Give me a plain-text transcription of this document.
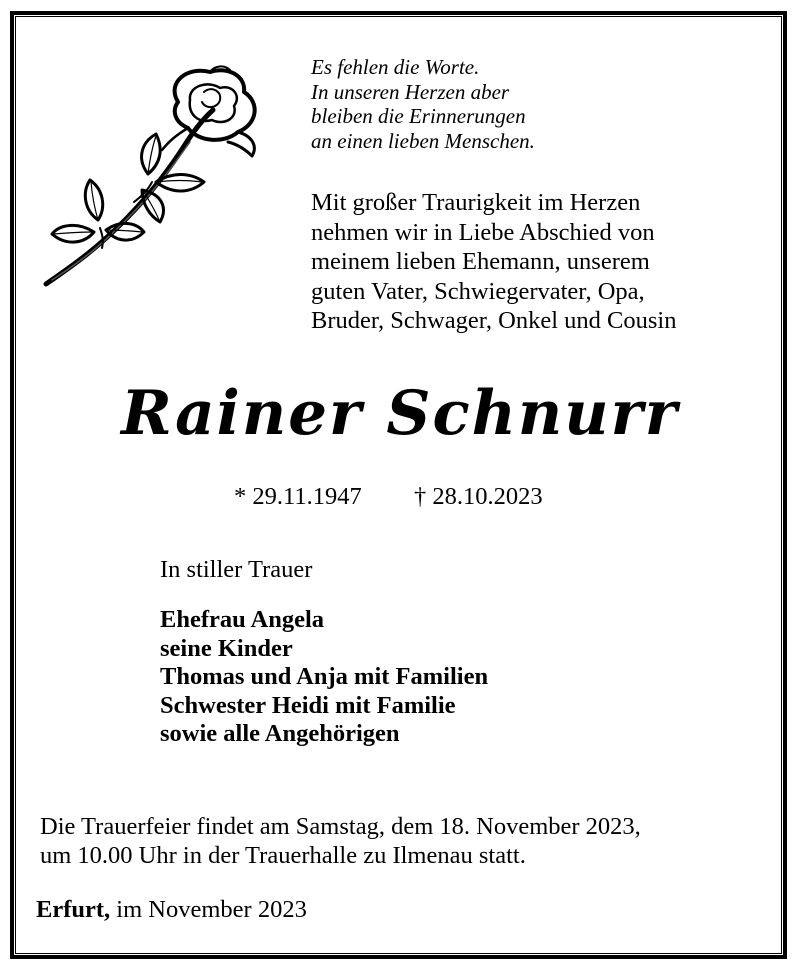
Es fehlen die Worte.
In unseren Herzen aber
bleiben die Erinnerungen
an einen lieben Menschen.
Mit großer Traurigkeit im Herzen
nehmen wir in Liebe Abschied von
meinem lieben Ehemann, unserem
guten Vater, Schwiegervater, Opa,
Bruder, Schwager, Onkel und Cousin
Rainer Schnurr
* 29.11.1947 † 28.10.2023
In stiller Trauer
Ehefrau Angela
seine Kinder
Thomas und Anja mit Familien
Schwester Heidi mit Familie
sowie alle Angehörigen
Die Trauerfeier findet am Samstag, dem 18. November 2023,
um 10.00 Uhr in der Trauerhalle zu Ilmenau statt.
Erfurt, im November 2023
